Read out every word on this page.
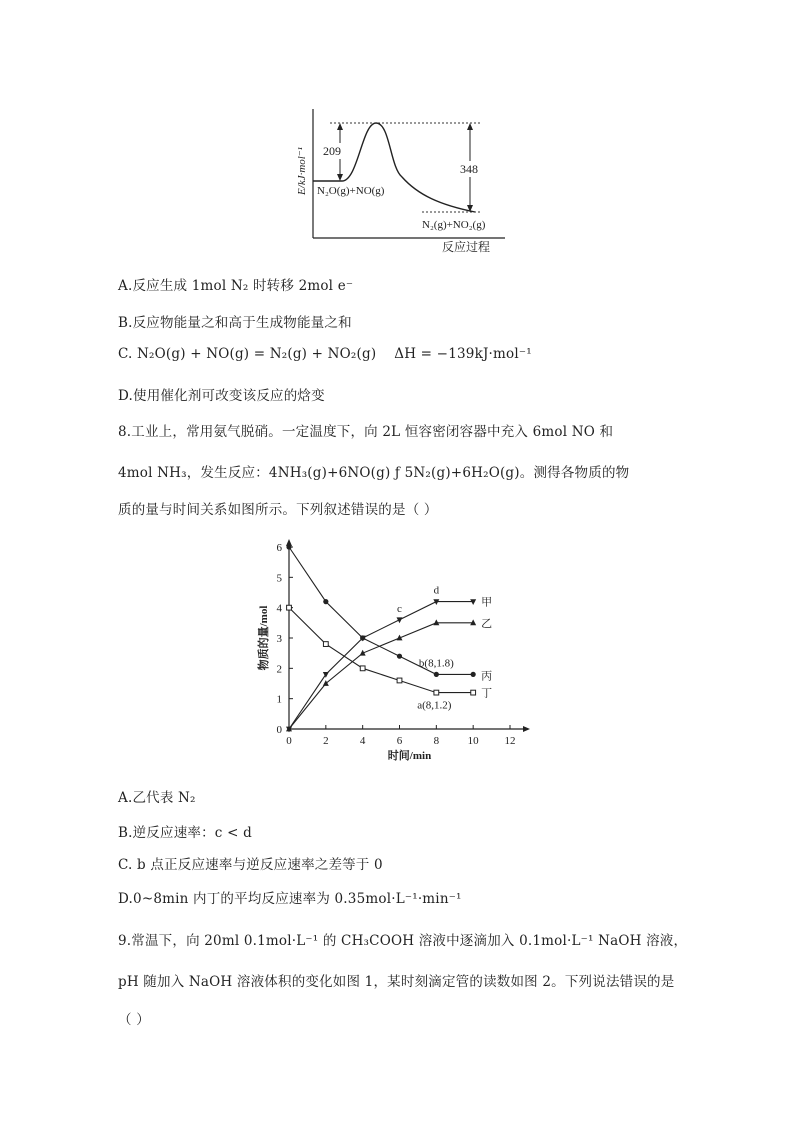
E/kJ·mol⁻¹ 209
348
N₂O(g)+NO(g)
N₂(g)+NO₂(g)
反应过程
A.反应生成 1mol N₂ 时转移 2mol e⁻
B.反应物能量之和高于生成物能量之和
C. N₂O(g) + NO(g) = N₂(g) + NO₂(g)    ΔH = −139kJ·mol⁻¹
D.使用催化剂可改变该反应的焓变
8.工业上，常用氨气脱硝。一定温度下，向 2L 恒容密闭容器中充入 6mol NO 和
4mol NH₃，发生反应：4NH₃(g)+6NO(g) ƒ 5N₂(g)+6H₂O(g)。测得各物质的物
质的量与时间关系如图所示。下列叙述错误的是（ ）
0	2	4	6	8	10 12
0
1
2
3
4
5
6
时间/min
物质的量/mol
甲
乙
丙
丁
c
d
b(8,1.8)
a(8,1.2)
A.乙代表 N₂
B.逆反应速率：c < d
C. b 点正反应速率与逆反应速率之差等于 0
D.0~8min 内丁的平均反应速率为 0.35mol·L⁻¹·min⁻¹
9.常温下，向 20ml 0.1mol·L⁻¹ 的 CH₃COOH 溶液中逐滴加入 0.1mol·L⁻¹ NaOH 溶液，
pH 随加入 NaOH 溶液体积的变化如图 1，某时刻滴定管的读数如图 2。下列说法错误的是
（ ）
